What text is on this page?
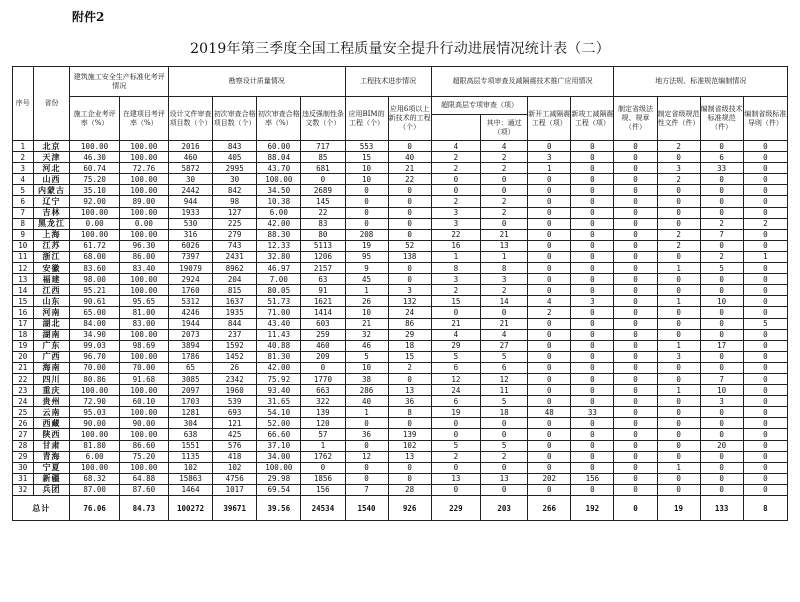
附件2
2019年第三季度全国工程质量安全提升行动进展情况统计表（二）
序号	省份	建筑施工安全生产标准化考评情况		勘察设计质量情况				工程技术进步情况		超限高层专项审查及减隔震技术推广应用情况				地方法规、标准规范编制情况			
		施工企业考评率（%）	在建项目考评率（%）	设计文件审查项目数（个）	初次审查合格项目数（个）	初次审查合格率（%）	违反强制性条文数（个）	应用BIM的工程（个）	应用6项以上新技术的工程（个）	超限高层专项审查（项）		新开工减隔震工程（项）	新竣工减隔震工程（项）	制定省级法规、规章（件）	制定省级规范性文件（件）	编制省级技术标准规范（件）	编制省级标准导则（件）
											其中：通过（项）						
1	北京	100.00	100.00	2016	843	60.00	717	553	0	4	4	0	0	0	2	0	0
2	天津	46.30	100.00	460	405	88.04	85	15	40	2	2	3	0	0	0	6	0
3	河北	60.74	72.76	5872	2995	43.70	681	10	21	2	2	1	0	0	3	33	0
4	山西	75.20	100.00	30	30	100.00	0	10	22	0	0	0	0	0	2	0	0
5	内蒙古	35.10	100.00	2442	842	34.50	2689	0	0	0	0	0	0	0	0	0	0
6	辽宁	92.00	89.00	944	98	10.38	145	0	0	2	2	0	0	0	0	0	0
7	吉林	100.00	100.00	1933	127	6.00	22	0	0	3	2	0	0	0	0	0	0
8	黑龙江	0.00	0.00	530	225	42.00	83	0	0	3	0	0	0	0	0	2	2
9	上海	100.00	100.00	316	279	88.30	80	208	0	22	21	0	0	0	2	7	0
10	江苏	61.72	96.30	6026	743	12.33	5113	19	52	16	13	0	0	0	2	0	0
11	浙江	68.00	86.00	7397	2431	32.80	1206	95	138	1	1	0	0	0	0	2	1
12	安徽	83.60	83.40	19079	8962	46.97	2157	9	0	8	8	0	0	0	1	5	0
13	福建	98.00	100.00	2924	204	7.00	63	45	0	3	3	0	0	0	0	0	0
14	江西	95.21	100.00	1760	815	80.05	91	1	3	2	2	0	0	0	0	0	0
15	山东	90.61	95.65	5312	1637	51.73	1621	26	132	15	14	4	3	0	1	10	0
16	河南	65.00	81.00	4246	1935	71.00	1414	10	24	0	0	2	0	0	0	0	0
17	湖北	84.00	83.00	1944	844	43.40	603	21	86	21	21	0	0	0	0	0	5
18	湖南	34.90	100.00	2073	237	11.43	259	32	29	4	4	0	0	0	0	0	0
19	广东	99.03	98.69	3894	1592	40.88	460	46	18	29	27	0	0	0	1	17	0
20	广西	96.70	100.00	1786	1452	81.30	209	5	15	5	5	0	0	0	3	0	0
21	海南	70.00	70.00	65	26	42.00	0	10	2	6	6	0	0	0	0	0	0
22	四川	80.86	91.68	3085	2342	75.92	1770	38	0	12	12	0	0	0	0	7	0
23	重庆	100.00	100.00	2097	1960	93.40	663	286	13	24	11	0	0	0	1	10	0
24	贵州	72.90	60.10	1703	539	31.65	322	40	36	6	5	0	0	0	0	3	0
25	云南	95.03	100.00	1281	693	54.10	139	1	8	19	18	48	33	0	0	0	0
26	西藏	90.00	90.00	304	121	52.00	120	0	0	0	0	0	0	0	0	0	0
27	陕西	100.00	100.00	638	425	66.60	57	36	139	0	0	0	0	0	0	0	0
28	甘肃	81.80	86.60	1551	576	37.10	1	0	102	5	5	0	0	0	0	20	0
29	青海	6.00	75.20	1135	418	34.00	1762	12	13	2	2	0	0	0	0	0	0
30	宁夏	100.00	100.00	102	102	100.00	0	0	0	0	0	0	0	0	1	0	0
31	新疆	68.32	64.88	15863	4756	29.98	1856	0	0	13	13	202	156	0	0	0	0
32	兵团	87.00	87.60	1464	1017	69.54	156	7	28	0	0	0	0	0	0	0	0
总计		76.06	84.73	100272	39671	39.56	24534	1540	926	229	203	266	192	0	19	133	8
